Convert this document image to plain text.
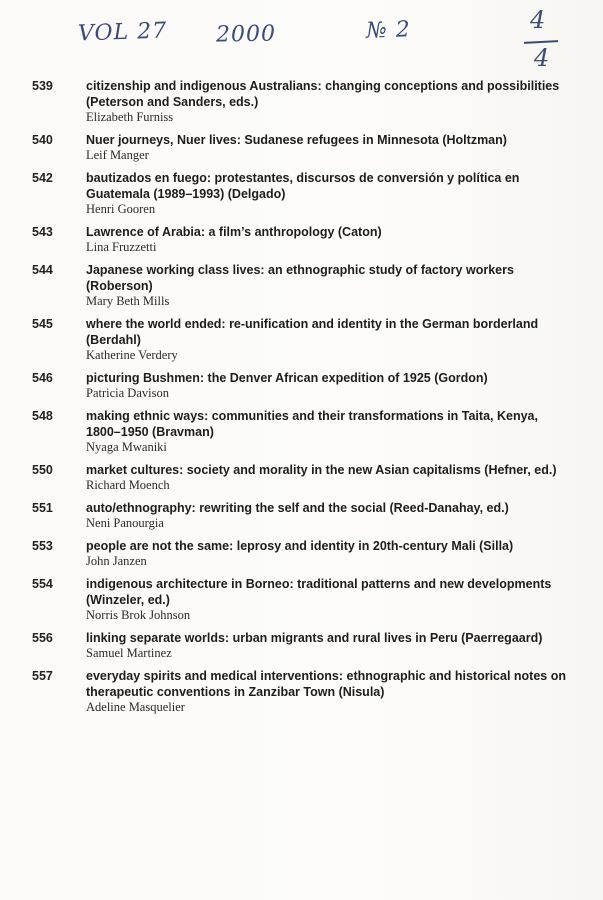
VOL 27 2000	№ 2	4
4
539	citizenship and indigenous Australians: changing conceptions and possibilities (Peterson and Sanders, eds.)
Elizabeth Furniss
540	Nuer journeys, Nuer lives: Sudanese refugees in Minnesota (Holtzman)
Leif Manger
542	bautizados en fuego: protestantes, discursos de conversión y política en Guatemala (1989–1993) (Delgado)
Henri Gooren
543	Lawrence of Arabia: a film’s anthropology (Caton)
Lina Fruzzetti
544	Japanese working class lives: an ethnographic study of factory workers (Roberson)
Mary Beth Mills
545	where the world ended: re-unification and identity in the German borderland (Berdahl)
Katherine Verdery
546	picturing Bushmen: the Denver African expedition of 1925 (Gordon)
Patricia Davison
548	making ethnic ways: communities and their transformations in Taita, Kenya, 1800–1950 (Bravman)
Nyaga Mwaniki
550	market cultures: society and morality in the new Asian capitalisms (Hefner, ed.)
Richard Moench
551	auto/ethnography: rewriting the self and the social (Reed-Danahay, ed.)
Neni Panourgia
553	people are not the same: leprosy and identity in 20th-century Mali (Silla)
John Janzen
554	indigenous architecture in Borneo: traditional patterns and new developments (Winzeler, ed.)
Norris Brok Johnson
556	linking separate worlds: urban migrants and rural lives in Peru (Paerregaard)
Samuel Martinez
557	everyday spirits and medical interventions: ethnographic and historical notes on therapeutic conventions in Zanzibar Town (Nisula)
Adeline Masquelier
